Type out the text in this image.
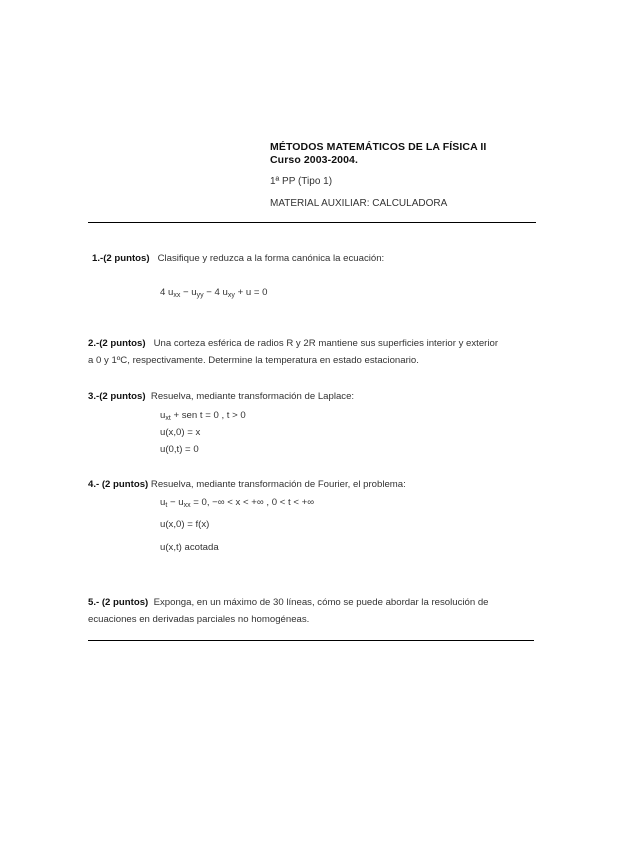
MÉTODOS MATEMÁTICOS DE LA FÍSICA II
Curso 2003-2004.
1ª PP (Tipo 1)
MATERIAL AUXILIAR: CALCULADORA
1.-(2 puntos) Clasifique y reduzca a la forma canónica la ecuación:
4 $u_{xx} - u_{yy} - 4$ $u_{xy} + u = 0$
2.-(2 puntos) Una corteza esférica de radios R y 2R mantiene sus superficies interior y exterior
a 0 y 1ºC, respectivamente. Determine la temperatura en estado estacionario.
3.-(2 puntos) Resuelva, mediante transformación de Laplace:
$u_{xt}$ + sen t = 0 , t > 0
u(x,0) = x
u(0,t) = 0
4.- (2 puntos) Resuelva, mediante transformación de Fourier, el problema:
$u_t - u_{xx} = 0$, −∞ < x < +∞ , 0 < t < +∞
u(x,0) = f(x)
u(x,t) acotada
5.- (2 puntos) Exponga, en un máximo de 30 líneas, cómo se puede abordar la resolución de
ecuaciones en derivadas parciales no homogéneas.
